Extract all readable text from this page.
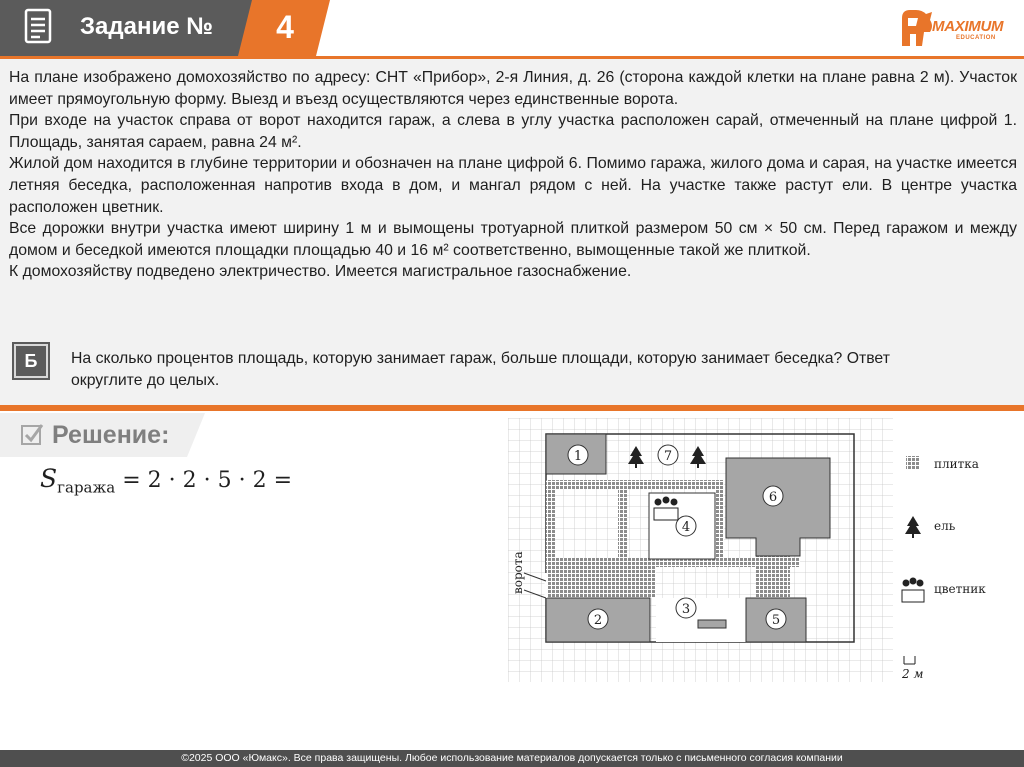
Задание №	4	MAXIMUM
EDUCATION

На плане изображено домохозяйство по адресу: СНТ «Прибор», 2-я Линия, д. 26 (сторона каждой клетки на плане равна 2 м). Участок имеет прямоугольную форму. Выезд и въезд осуществляются через единственные ворота.

При входе на участок справа от ворот находится гараж, а слева в углу участка расположен сарай, отмеченный на плане цифрой 1. Площадь, занятая сараем, равна 24 м².

Жилой дом находится в глубине территории и обозначен на плане цифрой 6. Помимо гаража, жилого дома и сарая, на участке имеется летняя беседка, расположенная напротив входа в дом, и мангал рядом с ней. На участке также растут ели. В центре участка расположен цветник.

Все дорожки внутри участка имеют ширину 1 м и вымощены тротуарной плиткой размером 50 см × 50 см. Перед гаражом и между домом и беседкой имеются площадки площадью 40 и 16 м² соответственно, вымощенные такой же плиткой.

К домохозяйству подведено электричество. Имеется магистральное газоснабжение.

Б	На сколько процентов площадь, которую занимает гараж, больше площади, которую занимает беседка? Ответ округлите до целых.
Решение:
$S_{гаража} = 2 \cdot 2 \cdot 5 \cdot 2$ =
1
2
3
5
6
4
7
ворота
плитка
ель
цветник
2 м
©2025 ООО «Юмакс». Все права защищены. Любое использование материалов допускается только с письменного согласия компании
